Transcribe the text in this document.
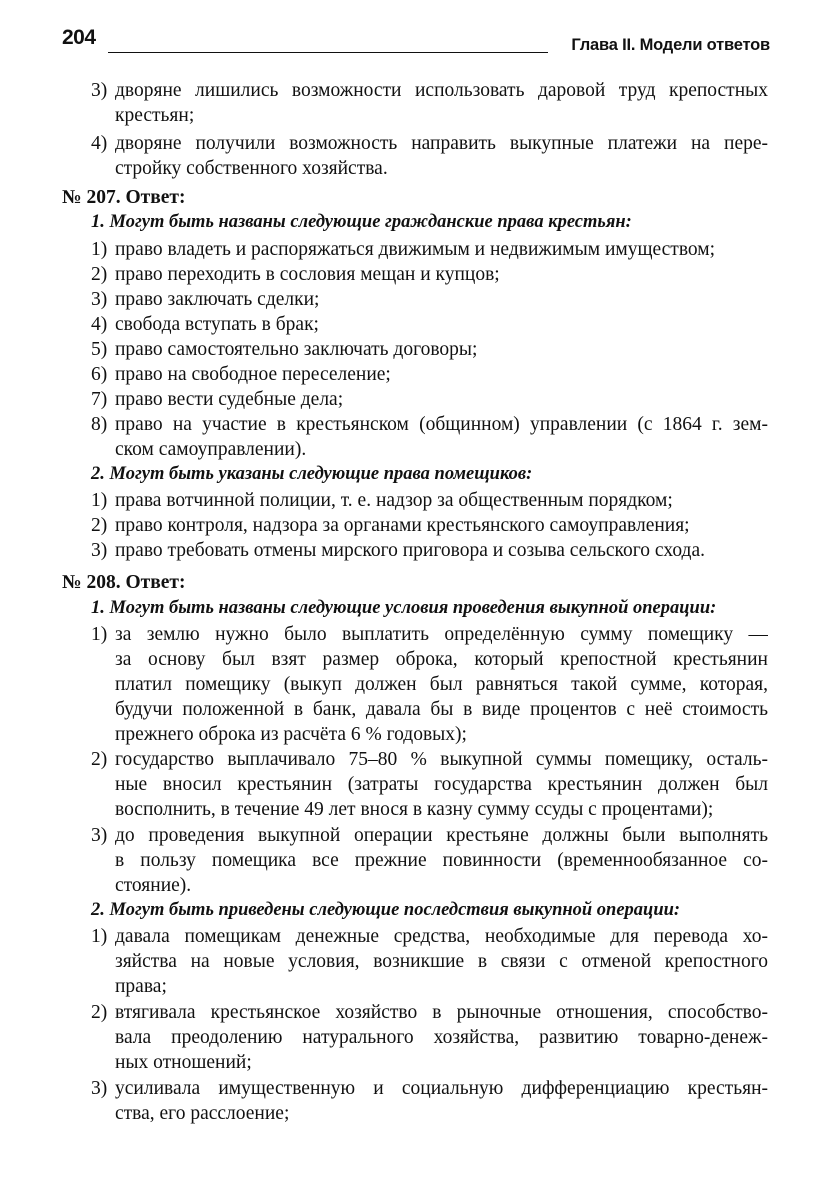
204	Глава II. Модели ответов
3) дворяне лишились возможности использовать даровой труд крепостных
крестьян;
4) дворяне получили возможность направить выкупные платежи на пере-
стройку собственного хозяйства.
№ 207. Ответ:
1. Могут быть названы следующие гражданские права крестьян:
1) право владеть и распоряжаться движимым и недвижимым имуществом;
2) право переходить в сословия мещан и купцов;
3) право заключать сделки;
4) свобода вступать в брак;
5) право самостоятельно заключать договоры;
6) право на свободное переселение;
7) право вести судебные дела;
8) право на участие в крестьянском (общинном) управлении (с 1864 г. зем-
ском самоуправлении).
2. Могут быть указаны следующие права помещиков:
1) права вотчинной полиции, т. е. надзор за общественным порядком;
2) право контроля, надзора за органами крестьянского самоуправления;
3) право требовать отмены мирского приговора и созыва сельского схода.
№ 208. Ответ:
1. Могут быть названы следующие условия проведения выкупной операции:
1) за землю нужно было выплатить определённую сумму помещику —
за основу был взят размер оброка, который крепостной крестьянин
платил помещику (выкуп должен был равняться такой сумме, которая,
будучи положенной в банк, давала бы в виде процентов с неё стоимость
прежнего оброка из расчёта 6 % годовых);
2) государство выплачивало 75–80 % выкупной суммы помещику, осталь-
ные вносил крестьянин (затраты государства крестьянин должен был
восполнить, в течение 49 лет внося в казну сумму ссуды с процентами);
3) до проведения выкупной операции крестьяне должны были выполнять
в пользу помещика все прежние повинности (временнообязанное со-
стояние).
2. Могут быть приведены следующие последствия выкупной операции:
1) давала помещикам денежные средства, необходимые для перевода хо-
зяйства на новые условия, возникшие в связи с отменой крепостного
права;
2) втягивала крестьянское хозяйство в рыночные отношения, способство-
вала преодолению натурального хозяйства, развитию товарно-денеж-
ных отношений;
3) усиливала имущественную и социальную дифференциацию крестьян-
ства, его расслоение;
